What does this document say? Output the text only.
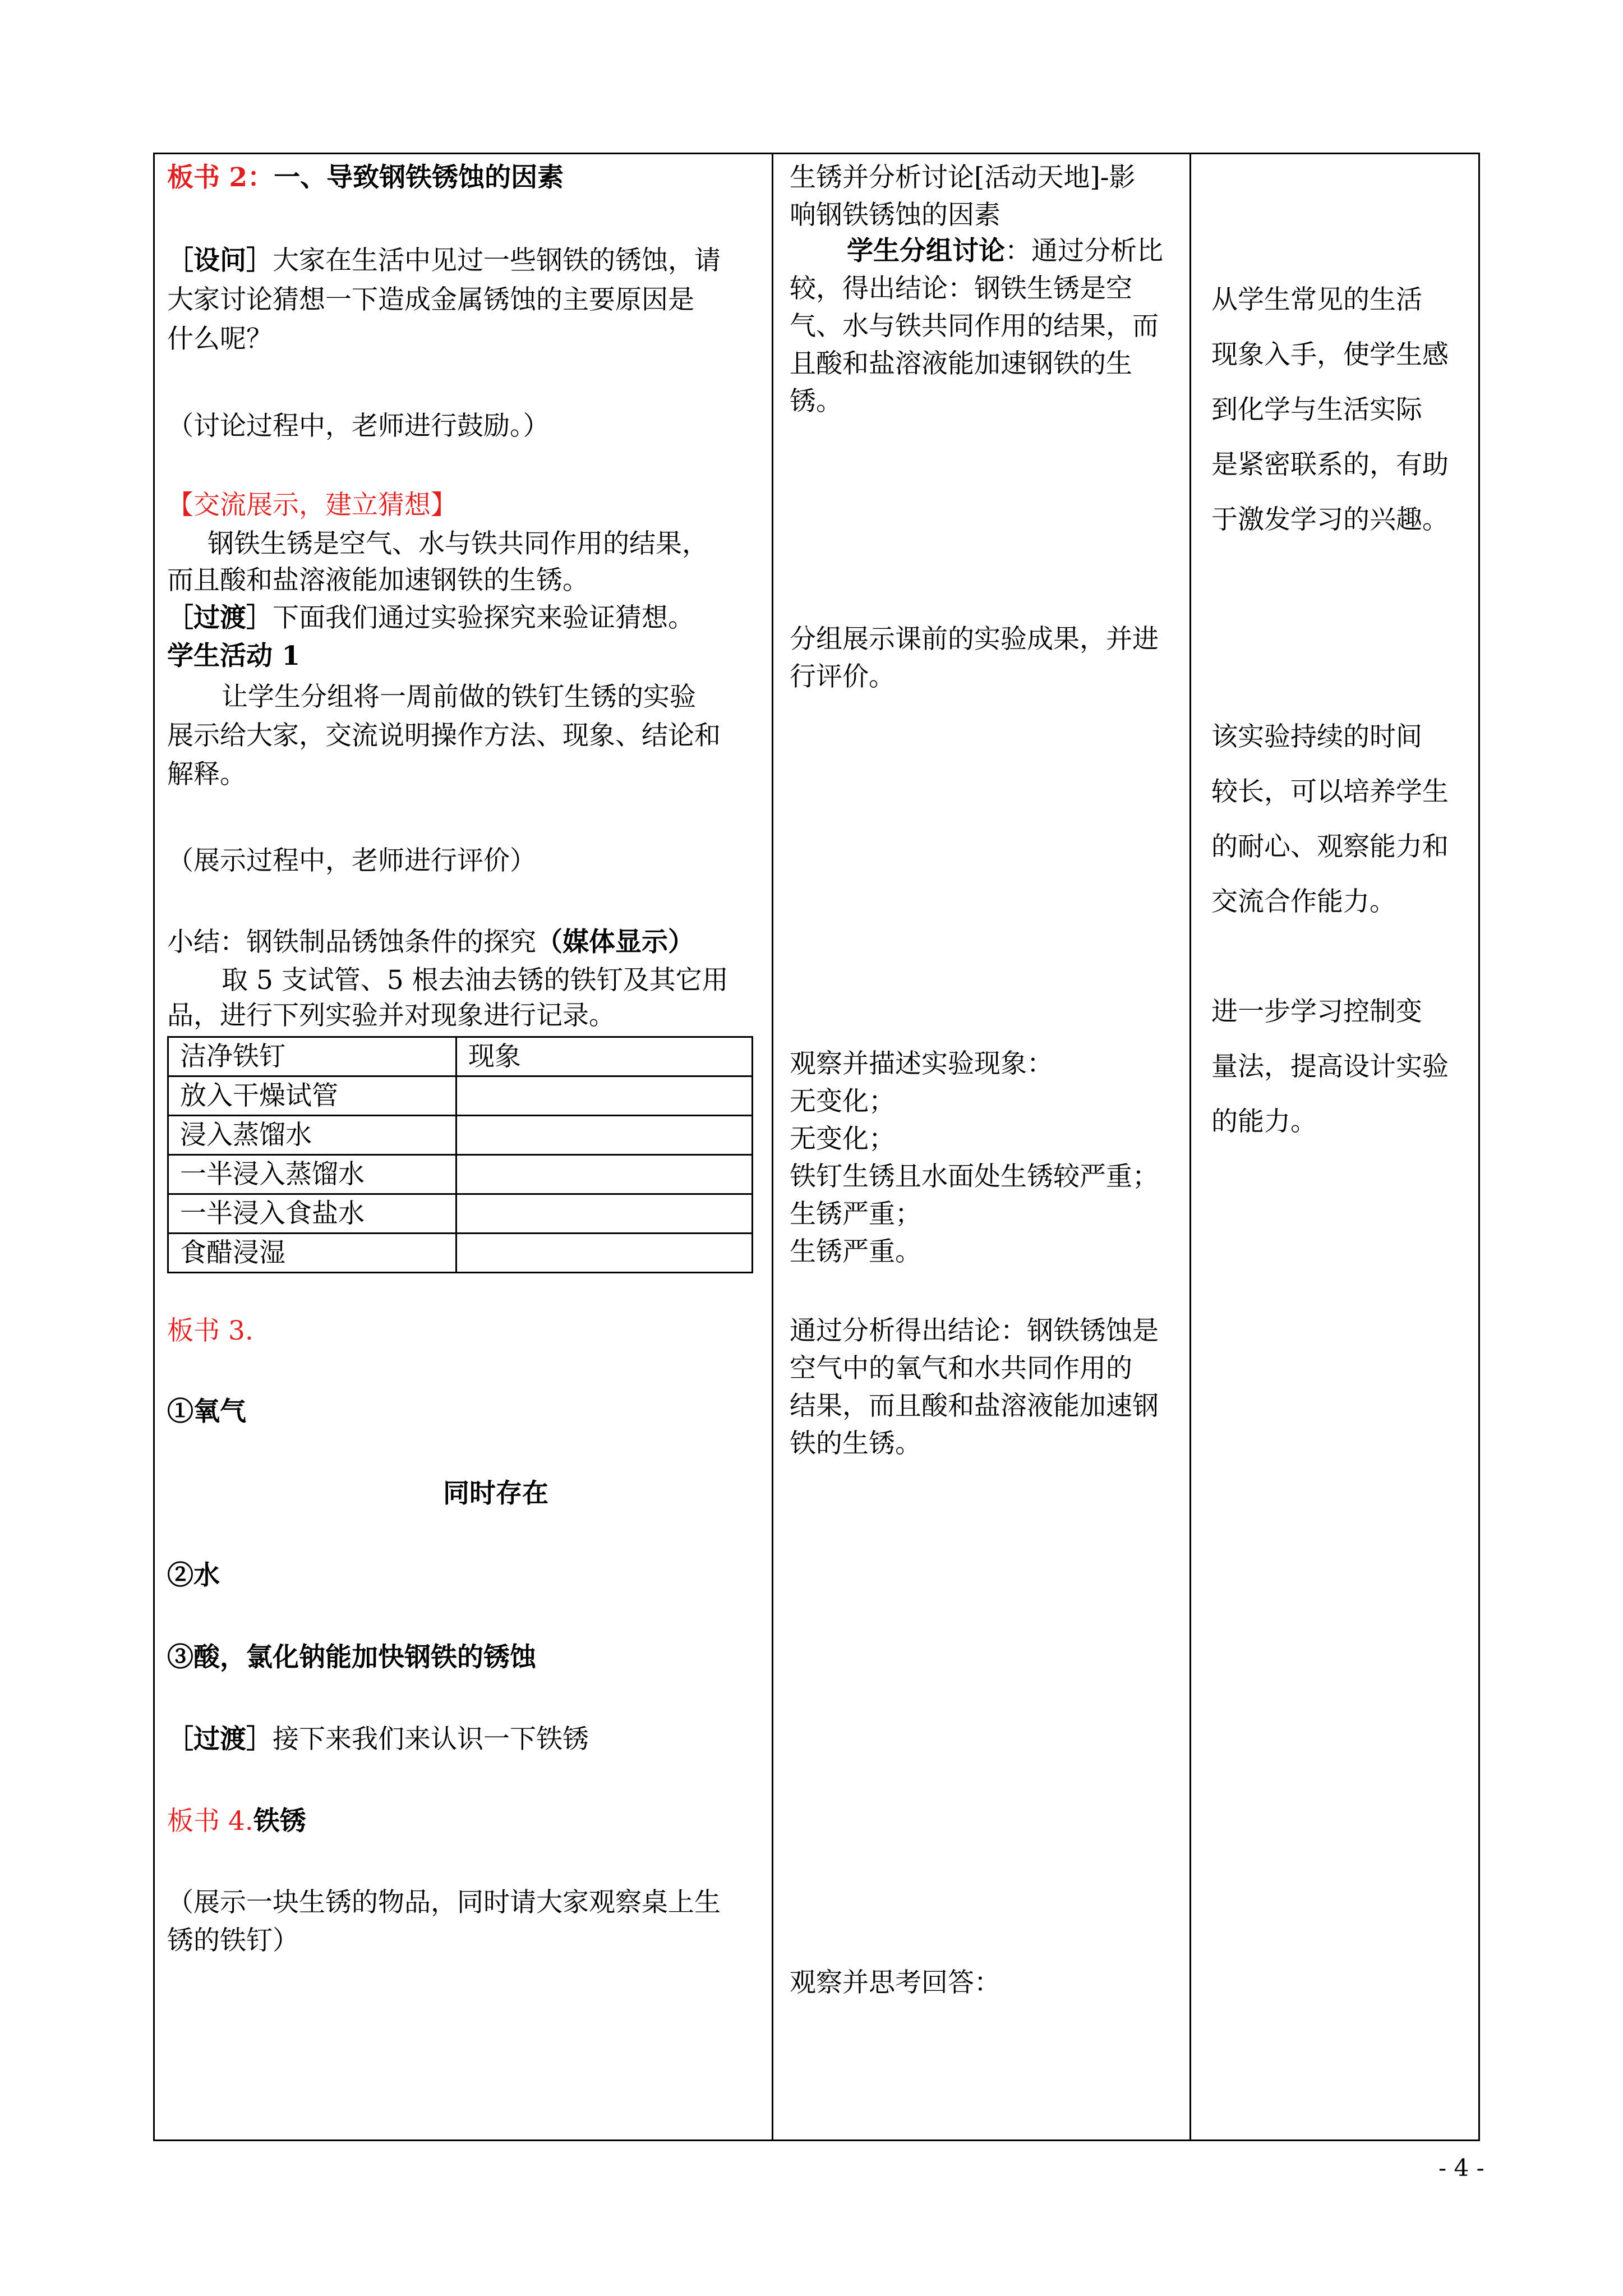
板书 2：一、导致钢铁锈蚀的因素
［设问］大家在生活中见过一些钢铁的锈蚀，请
大家讨论猜想一下造成金属锈蚀的主要原因是
什么呢？
（讨论过程中，老师进行鼓励。）
【交流展示，建立猜想】
钢铁生锈是空气、水与铁共同作用的结果，
而且酸和盐溶液能加速钢铁的生锈。
［过渡］下面我们通过实验探究来验证猜想。
学生活动 1
让学生分组将一周前做的铁钉生锈的实验
展示给大家，交流说明操作方法、现象、结论和
解释。
（展示过程中，老师进行评价）
小结：钢铁制品锈蚀条件的探究（媒体显示）
取 5 支试管、5 根去油去锈的铁钉及其它用
品，进行下列实验并对现象进行记录。
洁净铁钉	现象
放入干燥试管	
浸入蒸馏水	
一半浸入蒸馏水	
一半浸入食盐水	
食醋浸湿	
板书 3.
①氧气
同时存在
②水
③酸，氯化钠能加快钢铁的锈蚀
［过渡］接下来我们来认识一下铁锈
板书 4.铁锈
（展示一块生锈的物品，同时请大家观察桌上生
锈的铁钉）
生锈并分析讨论[活动天地]-影
响钢铁锈蚀的因素
学生分组讨论：通过分析比
较，得出结论：钢铁生锈是空
气、水与铁共同作用的结果，而
且酸和盐溶液能加速钢铁的生
锈。
分组展示课前的实验成果，并进
行评价。
观察并描述实验现象：
无变化；
无变化；
铁钉生锈且水面处生锈较严重；
生锈严重；
生锈严重。
通过分析得出结论：钢铁锈蚀是
空气中的氧气和水共同作用的
结果，而且酸和盐溶液能加速钢
铁的生锈。
观察并思考回答：
从学生常见的生活
现象入手，使学生感
到化学与生活实际
是紧密联系的，有助
于激发学习的兴趣。
该实验持续的时间
较长，可以培养学生
的耐心、观察能力和
交流合作能力。
进一步学习控制变
量法，提高设计实验
的能力。
- 4 -
